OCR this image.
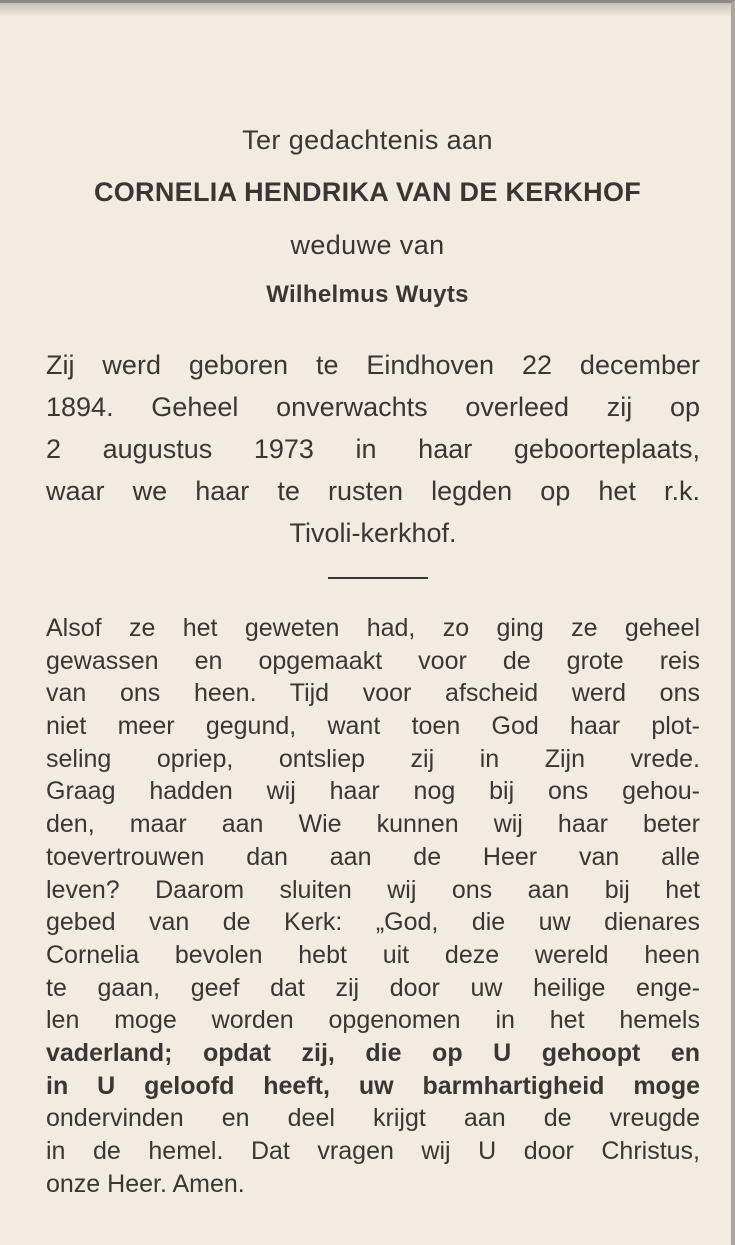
Ter gedachtenis aan
CORNELIA HENDRIKA VAN DE KERKHOF
weduwe van
Wilhelmus Wuyts
Zij werd geboren te Eindhoven 22 december
1894. Geheel onverwachts overleed zij op
2 augustus 1973 in haar geboorteplaats,
waar we haar te rusten legden op het r.k.
Tivoli-kerkhof.
Alsof ze het geweten had, zo ging ze geheel
gewassen en opgemaakt voor de grote reis
van ons heen. Tijd voor afscheid werd ons
niet meer gegund, want toen God haar plot-
seling opriep, ontsliep zij in Zijn vrede.
Graag hadden wij haar nog bij ons gehou-
den, maar aan Wie kunnen wij haar beter
toevertrouwen dan aan de Heer van alle
leven? Daarom sluiten wij ons aan bij het
gebed van de Kerk: „God, die uw dienares
Cornelia bevolen hebt uit deze wereld heen
te gaan, geef dat zij door uw heilige enge-
len moge worden opgenomen in het hemels
vaderland; opdat zij, die op U gehoopt en
in U geloofd heeft, uw barmhartigheid moge
ondervinden en deel krijgt aan de vreugde
in de hemel. Dat vragen wij U door Christus,
onze Heer. Amen.
